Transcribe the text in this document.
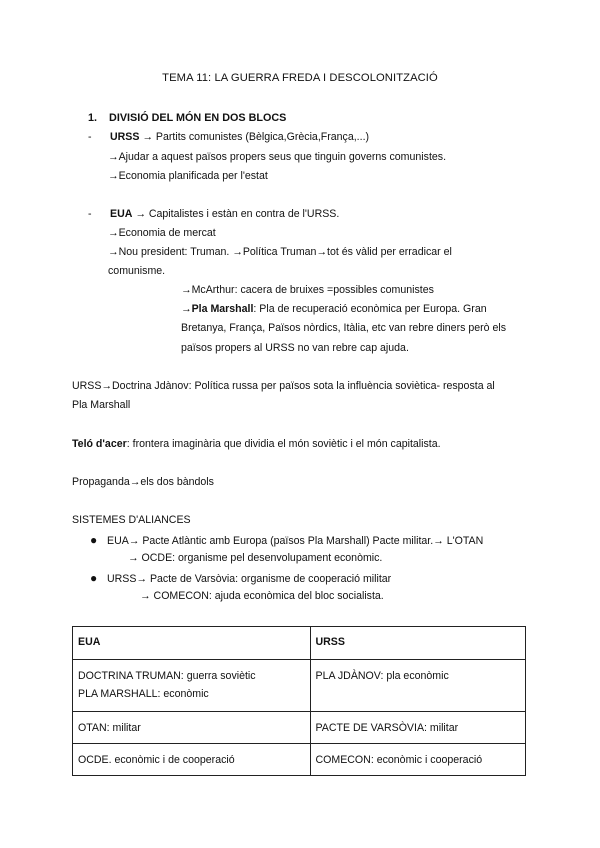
TEMA 11: LA GUERRA FREDA I DESCOLONITZACIÓ
1. DIVISIÓ DEL MÓN EN DOS BLOCS
- URSS → Partits comunistes (Bèlgica,Grècia,França,...)
→Ajudar a aquest països propers seus que tinguin governs comunistes.
→Economia planificada per l'estat
- EUA → Capitalistes i estàn en contra de l'URSS.
→Economia de mercat
→Nou president: Truman. →Política Truman→tot és vàlid per erradicar el
comunisme.
→McArthur: cacera de bruixes =possibles comunistes
→Pla Marshall: Pla de recuperació econòmica per Europa. Gran
Bretanya, França, Països nòrdics, Itàlia, etc van rebre diners però els
països propers al URSS no van rebre cap ajuda.
URSS→Doctrina Jdànov: Política russa per països sota la influència soviètica- resposta al
Pla Marshall
Teló d'acer: frontera imaginària que dividia el món soviètic i el món capitalista.
Propaganda→els dos bàndols
SISTEMES D'ALIANCES
● EUA→ Pacte Atlàntic amb Europa (països Pla Marshall) Pacte militar.→ L'OTAN
→ OCDE: organisme pel desenvolupament econòmic.
● URSS→ Pacte de Varsòvia: organisme de cooperació militar
→ COMECON: ajuda econòmica del bloc socialista.
EUA	URSS

DOCTRINA TRUMAN: guerra soviètic
PLA MARSHALL: econòmic	PLA JDÀNOV: pla econòmic
OTAN: militar	PACTE DE VARSÒVIA: militar
OCDE. econòmic i de cooperació	COMECON: econòmic i cooperació
